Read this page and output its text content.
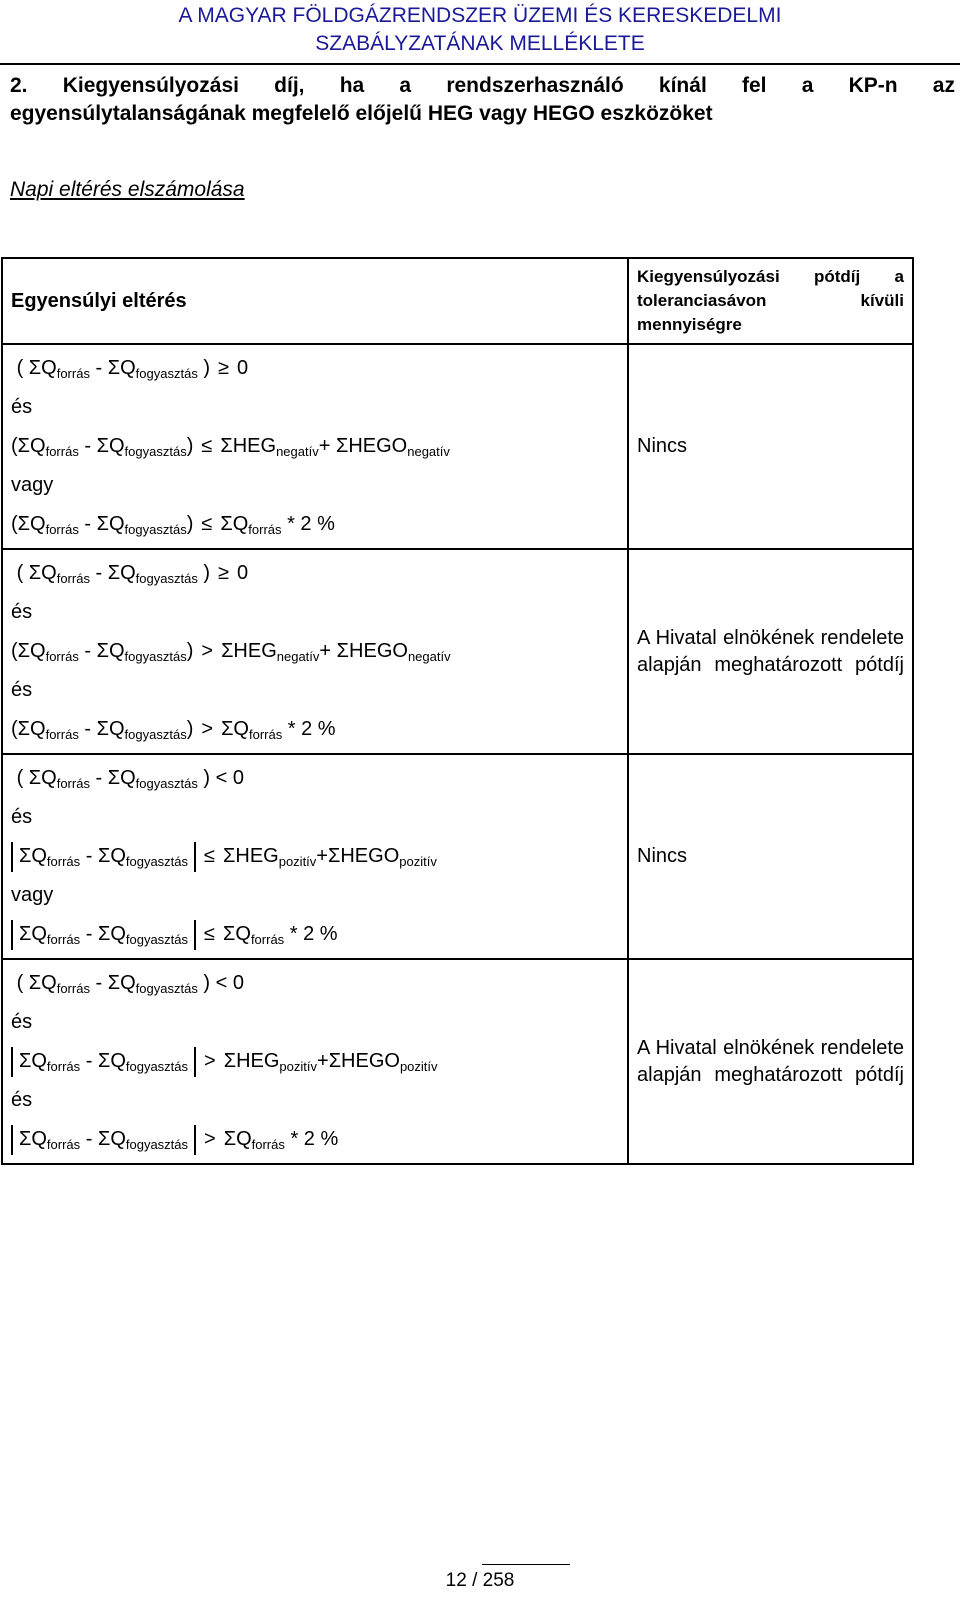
A MAGYAR FÖLDGÁZRENDSZER ÜZEMI ÉS KERESKEDELMI
SZABÁLYZATÁNAK MELLÉKLETE
2. Kiegyensúlyozási díj, ha a rendszerhasználó kínál fel a KP-n az
egyensúlytalanságának megfelelő előjelű HEG vagy HEGO eszközöket
Napi eltérés elszámolása
Egyensúlyi eltérés	Kiegyensúlyozási pótdíj a toleranciasávon kívüli mennyiségre

( $\Sigma Q_{forrás} - \Sigma Q_{fogyasztás}$ ) ≥ 0
és
$(\Sigma Q_{forrás} - \Sigma Q_{fogyasztás}) \le \Sigma HEG_{negatív}+$ $\Sigma HEGO_{negatív}$
vagy
$(\Sigma Q_{forrás} - \Sigma Q_{fogyasztás}) \le \Sigma Q_{forrás} * 2$ %	Nincs

( $\Sigma Q_{forrás} - \Sigma Q_{fogyasztás}$ ) ≥ 0
és
$(\Sigma Q_{forrás} - \Sigma Q_{fogyasztás}) > \Sigma HEG_{negatív}+$ $\Sigma HEGO_{negatív}$
és
$(\Sigma Q_{forrás} - \Sigma Q_{fogyasztás}) > \Sigma Q_{forrás} * 2$ %	A Hivatal elnökének rendelete alapján meghatározott pótdíj

( $\Sigma Q_{forrás} - \Sigma Q_{fogyasztás}$ ) < 0
és
$\Sigma Q_{forrás} - \Sigma Q_{fogyasztás}$ ≤ $\Sigma HEG_{pozitív}+\Sigma HEGO_{pozitív}$
vagy
$\Sigma Q_{forrás} - \Sigma Q_{fogyasztás} \le \Sigma Q_{forrás} * 2$ %	Nincs

( $\Sigma Q_{forrás} - \Sigma Q_{fogyasztás}$ ) < 0
és
$\Sigma Q_{forrás} - \Sigma Q_{fogyasztás}$ > $\Sigma HEG_{pozitív}+\Sigma HEGO_{pozitív}$
és
$\Sigma Q_{forrás} - \Sigma Q_{fogyasztás} > \Sigma Q_{forrás} * 2$ %	A Hivatal elnökének rendelete alapján meghatározott pótdíj
12 / 258
